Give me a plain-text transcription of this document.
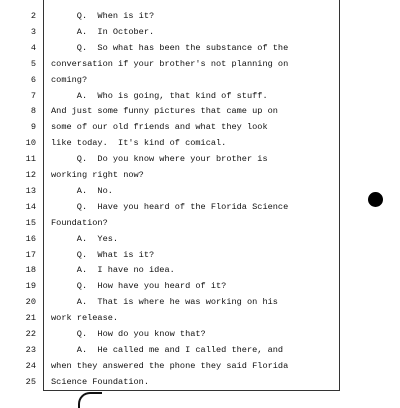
2 Q.  When is it?
3 A.  In October.
4 Q.  So what has been the substance of the
5 conversation if your brother's not planning on
6 coming?
7 A.  Who is going, that kind of stuff.
8 And just some funny pictures that came up on
9 some of our old friends and what they look
10 like today.  It's kind of comical.
11 Q.  Do you know where your brother is
12 working right now?
13 A.  No.
14 Q.  Have you heard of the Florida Science
15 Foundation?
16 A.  Yes.
17 Q.  What is it?
18 A.  I have no idea.
19 Q.  How have you heard of it?
20 A.  That is where he was working on his
21 work release.
22 Q.  How do you know that?
23 A.  He called me and I called there, and
24 when they answered the phone they said Florida
25 Science Foundation.
